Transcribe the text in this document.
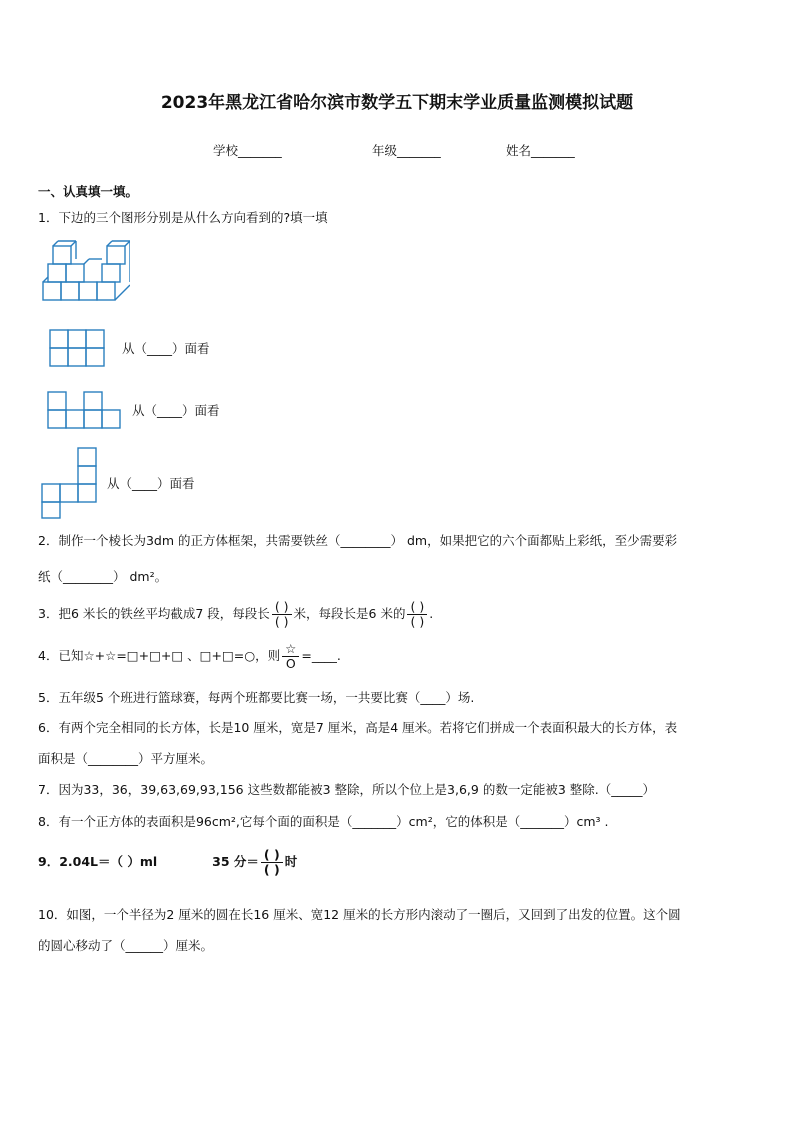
2023年黑龙江省哈尔滨市数学五下期末学业质量监测模拟试题
学校_______	年级_______	姓名_______
一、认真填一填。
1．下边的三个图形分别是从什么方向看到的?填一填
从（____）面看
从（____）面看
从（____）面看
2．制作一个棱长为3dm 的正方体框架，共需要铁丝（________） dm，如果把它的六个面都贴上彩纸，至少需要彩
纸（________） dm²。
3．把6 米长的铁丝平均截成7 段，每段长 $\frac{( )}{( )}$ 米，每段长是6 米的 $\frac{( )}{( )}$ .
4．已知☆+☆=□+□+□ 、□+□=○，则 $\frac{☆}{O}$ =____.
5．五年级5 个班进行篮球赛，每两个班都要比赛一场，一共要比赛（____）场.
6．有两个完全相同的长方体，长是10 厘米，宽是7 厘米，高是4 厘米。若将它们拼成一个表面积最大的长方体，表
面积是（________）平方厘米。
7．因为33，36，39,63,69,93,156 这些数都能被3 整除，所以个位上是3,6,9 的数一定能被3 整除.（_____）
8．有一个正方体的表面积是96cm²,它每个面的面积是（_______）cm²，它的体积是（_______）cm³ .
9．2.04L＝（ ）ml	35 分＝ $\frac{( )}{( )}$ 时
10．如图，一个半径为2 厘米的圆在长16 厘米、宽12 厘米的长方形内滚动了一圈后，又回到了出发的位置。这个圆
的圆心移动了（______）厘米。
